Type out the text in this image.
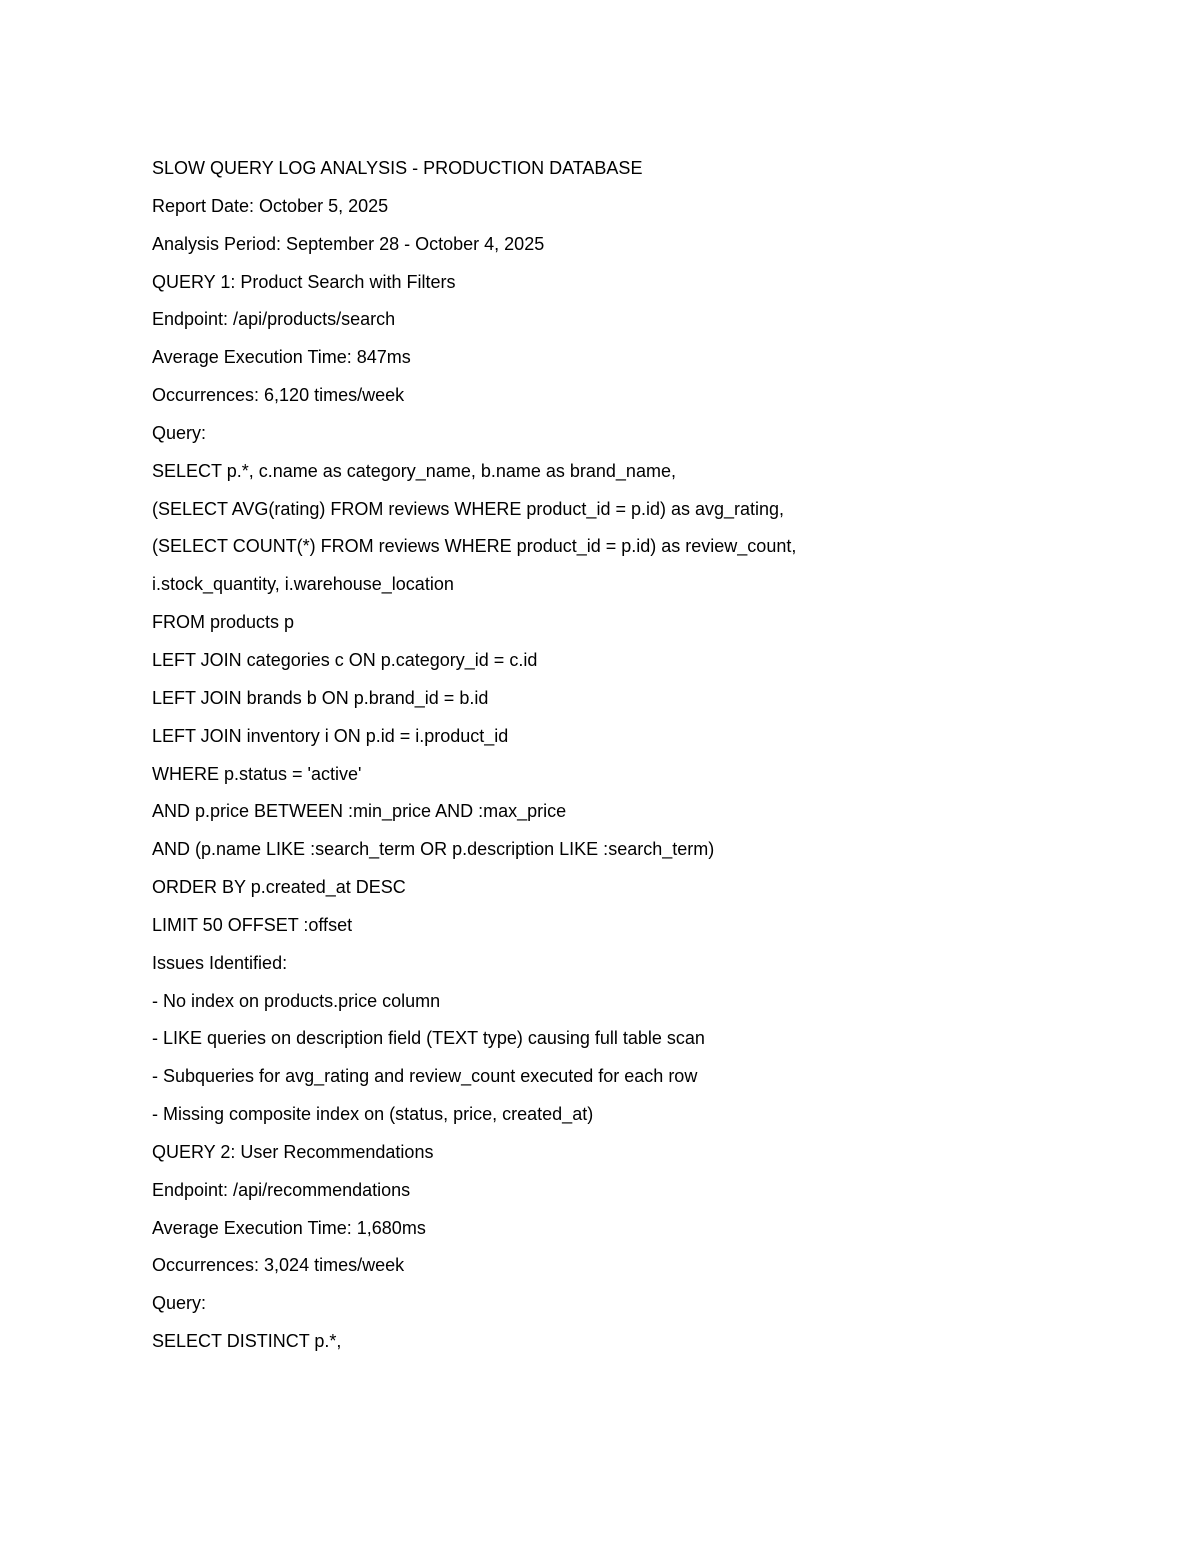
SLOW QUERY LOG ANALYSIS - PRODUCTION DATABASE
Report Date: October 5, 2025
Analysis Period: September 28 - October 4, 2025
QUERY 1: Product Search with Filters
Endpoint: /api/products/search
Average Execution Time: 847ms
Occurrences: 6,120 times/week
Query:
SELECT p.*, c.name as category_name, b.name as brand_name,
(SELECT AVG(rating) FROM reviews WHERE product_id = p.id) as avg_rating,
(SELECT COUNT(*) FROM reviews WHERE product_id = p.id) as review_count,
i.stock_quantity, i.warehouse_location
FROM products p
LEFT JOIN categories c ON p.category_id = c.id
LEFT JOIN brands b ON p.brand_id = b.id
LEFT JOIN inventory i ON p.id = i.product_id
WHERE p.status = 'active'
AND p.price BETWEEN :min_price AND :max_price
AND (p.name LIKE :search_term OR p.description LIKE :search_term)
ORDER BY p.created_at DESC
LIMIT 50 OFFSET :offset
Issues Identified:
- No index on products.price column
- LIKE queries on description field (TEXT type) causing full table scan
- Subqueries for avg_rating and review_count executed for each row
- Missing composite index on (status, price, created_at)
QUERY 2: User Recommendations
Endpoint: /api/recommendations
Average Execution Time: 1,680ms
Occurrences: 3,024 times/week
Query:
SELECT DISTINCT p.*,
